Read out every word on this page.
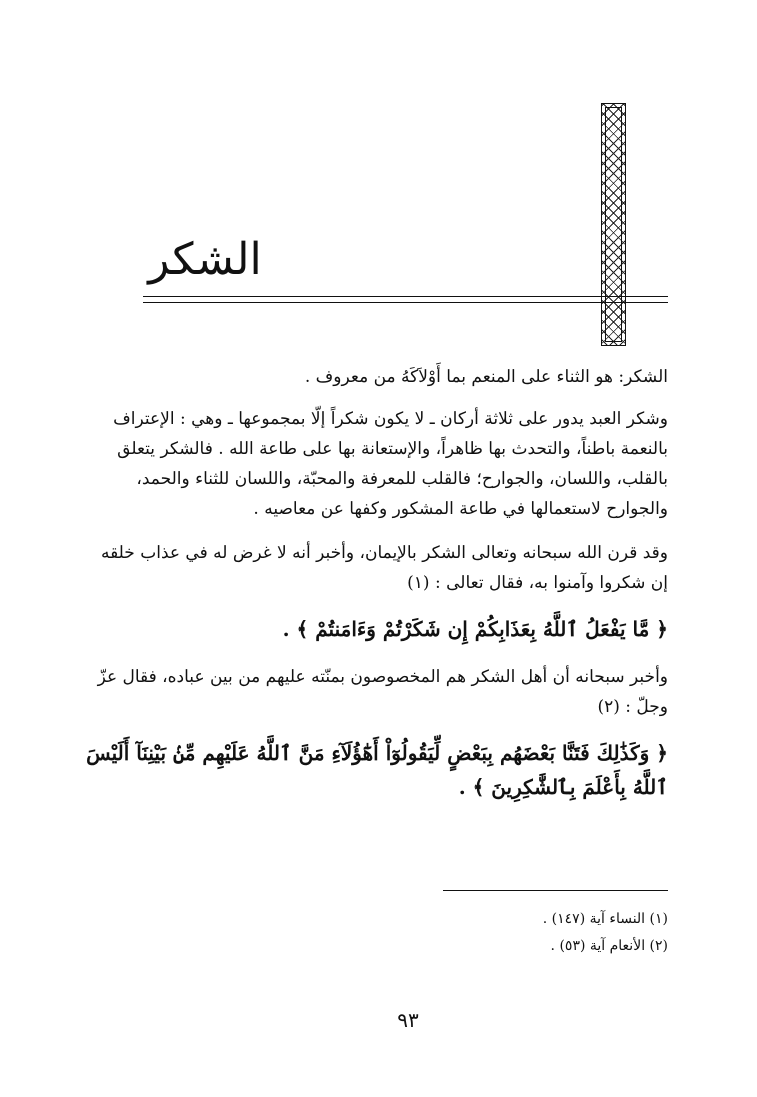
الشكر

الشكر: هو الثناء على المنعم بما أَوْلاَكَهُ من معروف .

وشكر العبد يدور على ثلاثة أركان ـ لا يكون شكراً إلّا بمجموعها ـ وهي : الإعتراف بالنعمة باطناً، والتحدث بها ظاهراً، والإستعانة بها على طاعة الله . فالشكر يتعلق بالقلب، واللسان، والجوارح؛ فالقلب للمعرفة والمحبّة، واللسان للثناء والحمد، والجوارح لاستعمالها في طاعة المشكور وكفها عن معاصيه .

وقد قرن الله سبحانه وتعالى الشكر بالإيمان، وأخبر أنه لا غرض له في عذاب خلقه إن شكروا وآمنوا به، فقال تعالى : (١)

﴿ مَّا يَفْعَلُ ٱللَّهُ بِعَذَابِكُمْ إِن شَكَرْتُمْ وَءَامَنتُمْ ﴾ .

وأخبر سبحانه أن أهل الشكر هم المخصوصون بمنّته عليهم من بين عباده، فقال عزّ وجلّ : (٢)

﴿ وَكَذَٰلِكَ فَتَنَّا بَعْضَهُم بِبَعْضٍ لِّيَقُولُوٓاْ أَهَٰٓؤُلَآءِ مَنَّ ٱللَّهُ عَلَيْهِم مِّنۢ بَيْنِنَآ أَلَيْسَ ٱللَّهُ بِأَعْلَمَ بِٱلشَّٰكِرِينَ ﴾ .

(١) النساء آية (١٤٧) .
(٢) الأنعام آية (٥٣) .
٩٣
